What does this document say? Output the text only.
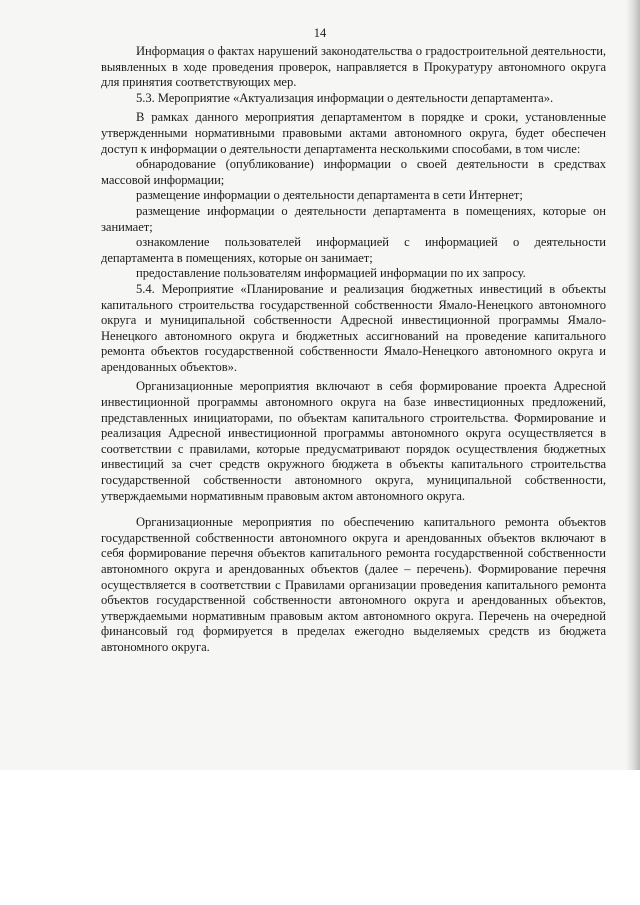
14

Информация о фактах нарушений законодательства о градостроительной деятельности, выявленных в ходе проведения проверок, направляется в Прокуратуру автономного округа для принятия соответствующих мер.

5.3. Мероприятие «Актуализация информации о деятельности департамента».

В рамках данного мероприятия департаментом в порядке и сроки, установленные утвержденными нормативными правовыми актами автономного округа, будет обеспечен доступ к информации о деятельности департамента несколькими способами, в том числе:

обнародование (опубликование) информации о своей деятельности в средствах массовой информации;

размещение информации о деятельности департамента в сети Интернет;

размещение информации о деятельности департамента в помещениях, которые он занимает;

ознакомление пользователей информацией с информацией о деятельности департамента в помещениях, которые он занимает;

предоставление пользователям информацией информации по их запросу.

5.4. Мероприятие «Планирование и реализация бюджетных инвестиций в объекты капитального строительства государственной собственности Ямало-Ненецкого автономного округа и муниципальной собственности Адресной инвестиционной программы Ямало-Ненецкого автономного округа и бюджетных ассигнований на проведение капитального ремонта объектов государственной собственности Ямало-Ненецкого автономного округа и арендованных объектов».

Организационные мероприятия включают в себя формирование проекта Адресной инвестиционной программы автономного округа на базе инвестиционных предложений, представленных инициаторами, по объектам капитального строительства. Формирование и реализация Адресной инвестиционной программы автономного округа осуществляется в соответствии с правилами, которые предусматривают порядок осуществления бюджетных инвестиций за счет средств окружного бюджета в объекты капитального строительства государственной собственности автономного округа, муниципальной собственности, утверждаемыми нормативным правовым актом автономного округа.

Организационные мероприятия по обеспечению капитального ремонта объектов государственной собственности автономного округа и арендованных объектов включают в себя формирование перечня объектов капитального ремонта государственной собственности автономного округа и арендованных объектов (далее – перечень). Формирование перечня осуществляется в соответствии с Правилами организации проведения капитального ремонта объектов государственной собственности автономного округа и арендованных объектов, утверждаемыми нормативным правовым актом автономного округа. Перечень на очередной финансовый год формируется в пределах ежегодно выделяемых средств из бюджета автономного округа.
